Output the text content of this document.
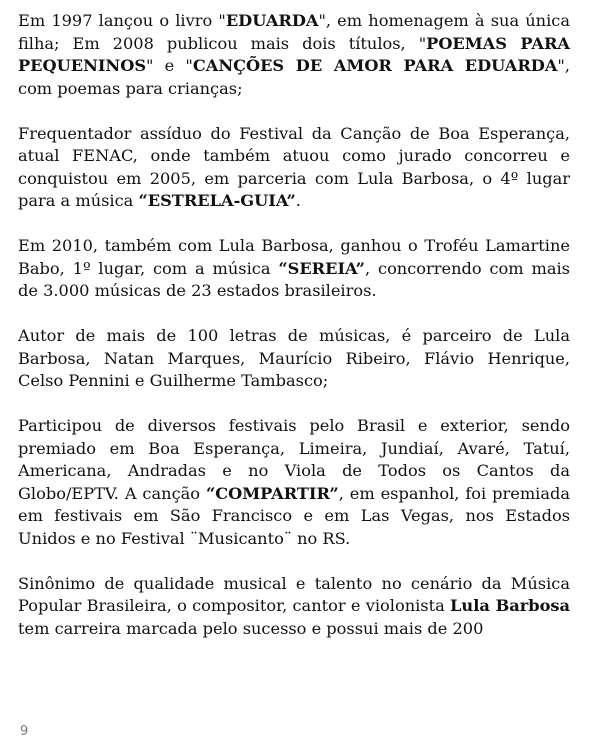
Em 1997 lançou o livro "EDUARDA", em homenagem à sua única filha; Em 2008 publicou mais dois títulos, "POEMAS PARA PEQUENINOS" e "CANÇÕES DE AMOR PARA EDUARDA", com poemas para crianças;

Frequentador assíduo do Festival da Canção de Boa Esperança, atual FENAC, onde também atuou como jurado concorreu e conquistou em 2005, em parceria com Lula Barbosa, o 4º lugar para a música “ESTRELA-GUIA”.

Em 2010, também com Lula Barbosa, ganhou o Troféu Lamartine Babo, 1º lugar, com a música “SEREIA”, concorrendo com mais de 3.000 músicas de 23 estados brasileiros.

Autor de mais de 100 letras de músicas, é parceiro de Lula Barbosa, Natan Marques, Maurício Ribeiro, Flávio Henrique, Celso Pennini e Guilherme Tambasco;

Participou de diversos festivais pelo Brasil e exterior, sendo premiado em Boa Esperança, Limeira, Jundiaí, Avaré, Tatuí, Americana, Andradas e no Viola de Todos os Cantos da Globo/EPTV. A canção “COMPARTIR”, em espanhol, foi premiada em festivais em São Francisco e em Las Vegas, nos Estados Unidos e no Festival ¨Musicanto¨ no RS.

Sinônimo de qualidade musical e talento no cenário da Música Popular Brasileira, o compositor, cantor e violonista Lula Barbosa tem carreira marcada pelo sucesso e possui mais de 200

9
